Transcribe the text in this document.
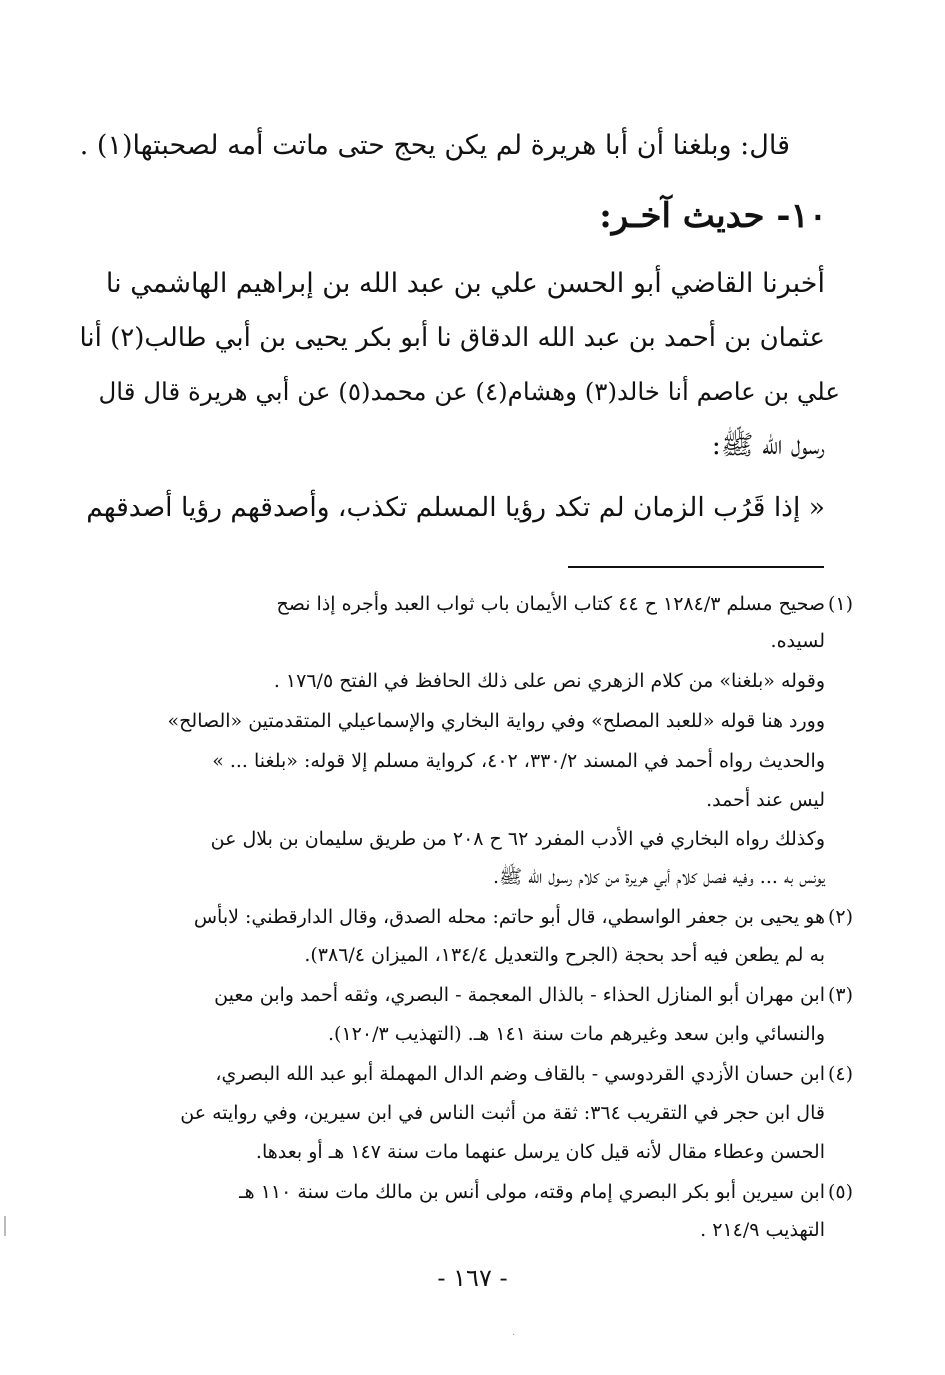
قال: وبلغنا أن أبا هريرة لم يكن يحج حتى ماتت أمه لصحبتها(١) .

١٠- حديث آخـر:

أخبرنا القاضي أبو الحسن علي بن عبد الله بن إبراهيم الهاشمي نا

عثمان بن أحمد بن عبد الله الدقاق نا أبو بكر يحيى بن أبي طالب(٢) أنا

علي بن عاصم أنا خالد(٣) وهشام(٤) عن محمد(٥) عن أبي هريرة قال قال

رسول الله ﷺ:

« إذا قَرُب الزمان لم تكد رؤيا المسلم تكذب، وأصدقهم رؤيا أصدقهم

(١)

صحيح مسلم ١٢٨٤/٣ ح ٤٤ كتاب الأيمان باب ثواب العبد وأجره إذا نصح

لسيده.

وقوله «بلغنا» من كلام الزهري نص على ذلك الحافظ في الفتح ١٧٦/٥ .

وورد هنا قوله «للعبد المصلح» وفي رواية البخاري والإسماعيلي المتقدمتين «الصالح»

والحديث رواه أحمد في المسند ٣٣٠/٢، ٤٠٢، كرواية مسلم إلا قوله: «بلغنا ... »

ليس عند أحمد.

وكذلك رواه البخاري في الأدب المفرد ٦٢ ح ٢٠٨ من طريق سليمان بن بلال عن

يونس به ... وفيه فصل كلام أبي هريرة من كلام رسول الله ﷺ.

(٢)

هو يحيى بن جعفر الواسطي، قال أبو حاتم: محله الصدق، وقال الدارقطني: لابأس

به لم يطعن فيه أحد بحجة (الجرح والتعديل ١٣٤/٤، الميزان ٣٨٦/٤).

(٣)

ابن مهران أبو المنازل الحذاء - بالذال المعجمة - البصري، وثقه أحمد وابن معين

والنسائي وابن سعد وغيرهم مات سنة ١٤١ هـ. (التهذيب ١٢٠/٣).

(٤)

ابن حسان الأزدي القردوسي - بالقاف وضم الدال المهملة أبو عبد الله البصري،

قال ابن حجر في التقريب ٣٦٤: ثقة من أثبت الناس في ابن سيرين، وفي روايته عن

الحسن وعطاء مقال لأنه قيل كان يرسل عنهما مات سنة ١٤٧ هـ أو بعدها.

(٥)

ابن سيرين أبو بكر البصري إمام وقته، مولى أنس بن مالك مات سنة ١١٠ هـ

التهذيب ٢١٤/٩ .

- ١٦٧ -
·
